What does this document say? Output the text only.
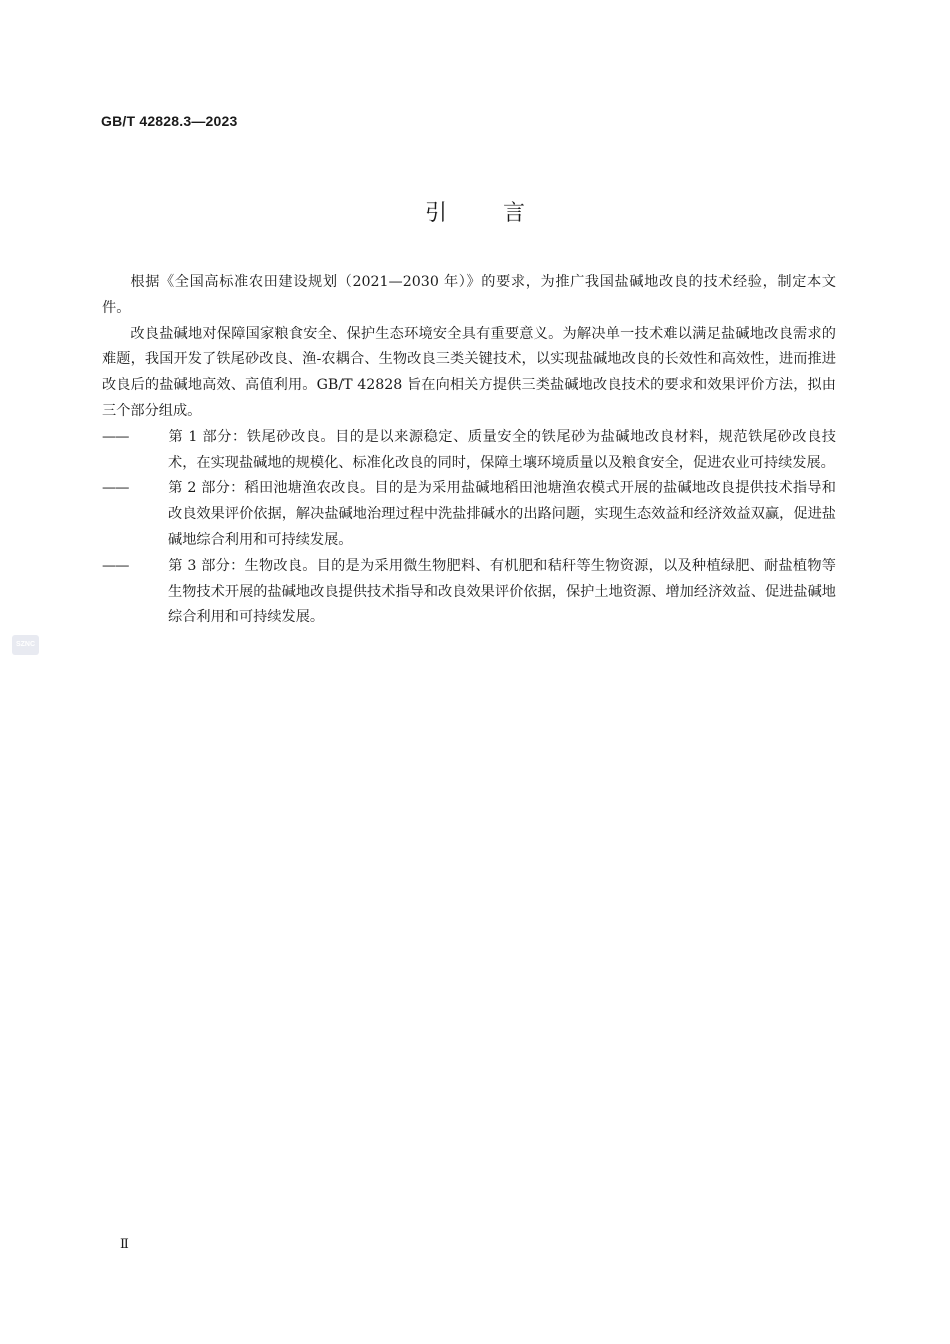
GB/T 42828.3—2023
引言

根据《全国高标准农田建设规划（2021—2030 年）》的要求，为推广我国盐碱地改良的技术经验，制定本文件。

改良盐碱地对保障国家粮食安全、保护生态环境安全具有重要意义。为解决单一技术难以满足盐碱地改良需求的难题，我国开发了铁尾砂改良、渔-农耦合、生物改良三类关键技术，以实现盐碱地改良的长效性和高效性，进而推进改良后的盐碱地高效、高值利用。GB/T 42828 旨在向相关方提供三类盐碱地改良技术的要求和效果评价方法，拟由三个部分组成。

——	第 1 部分：铁尾砂改良。目的是以来源稳定、质量安全的铁尾砂为盐碱地改良材料，规范铁尾砂改良技术，在实现盐碱地的规模化、标准化改良的同时，保障土壤环境质量以及粮食安全，促进农业可持续发展。

——	第 2 部分：稻田池塘渔农改良。目的是为采用盐碱地稻田池塘渔农模式开展的盐碱地改良提供技术指导和改良效果评价依据，解决盐碱地治理过程中洗盐排碱水的出路问题，实现生态效益和经济效益双赢，促进盐碱地综合利用和可持续发展。

——	第 3 部分：生物改良。目的是为采用微生物肥料、有机肥和秸秆等生物资源，以及种植绿肥、耐盐植物等生物技术开展的盐碱地改良提供技术指导和改良效果评价依据，保护土地资源、增加经济效益、促进盐碱地综合利用和可持续发展。

SZNC
Ⅱ
